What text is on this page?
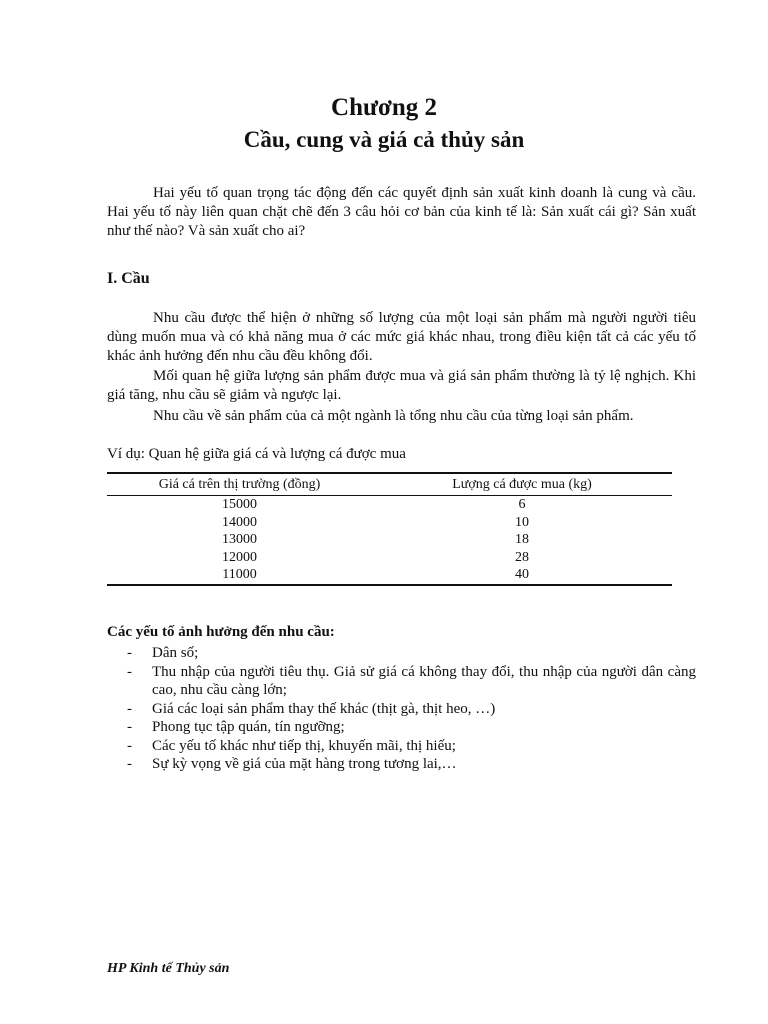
Chương 2
Cầu, cung và giá cả thủy sản

Hai yếu tố quan trọng tác động đến các quyết định sản xuất kinh doanh là cung và cầu. Hai yếu tố này liên quan chặt chẽ đến 3 câu hỏi cơ bản của kinh tế là: Sản xuất cái gì? Sản xuất như thế nào? Và sản xuất cho ai?

I. Cầu

Nhu cầu được thể hiện ở những số lượng của một loại sản phẩm mà người người tiêu dùng muốn mua và có khả năng mua ở các mức giá khác nhau, trong điều kiện tất cả các yếu tố khác ảnh hưởng đến nhu cầu đều không đổi.

Mối quan hệ giữa lượng sản phẩm được mua và giá sản phẩm thường là tỷ lệ nghịch. Khi giá tăng, nhu cầu sẽ giảm và ngược lại.

Nhu cầu về sản phẩm của cả một ngành là tổng nhu cầu của từng loại sản phẩm.

Ví dụ: Quan hệ giữa giá cá và lượng cá được mua
Giá cá trên thị trường (đồng)	Lượng cá được mua (kg)
15000	6
14000	10
13000	18
12000	28
11000	40
Các yếu tố ảnh hưởng đến nhu cầu:
- Dân số;
- Thu nhập của người tiêu thụ. Giả sử giá cá không thay đổi, thu nhập của người dân càng cao, nhu cầu càng lớn;
- Giá các loại sản phẩm thay thế khác (thịt gà, thịt heo, …)
- Phong tục tập quán, tín ngưỡng;
- Các yếu tố khác như tiếp thị, khuyến mãi, thị hiếu;
- Sự kỳ vọng về giá của mặt hàng trong tương lai,…
HP Kinh tế Thủy sản
